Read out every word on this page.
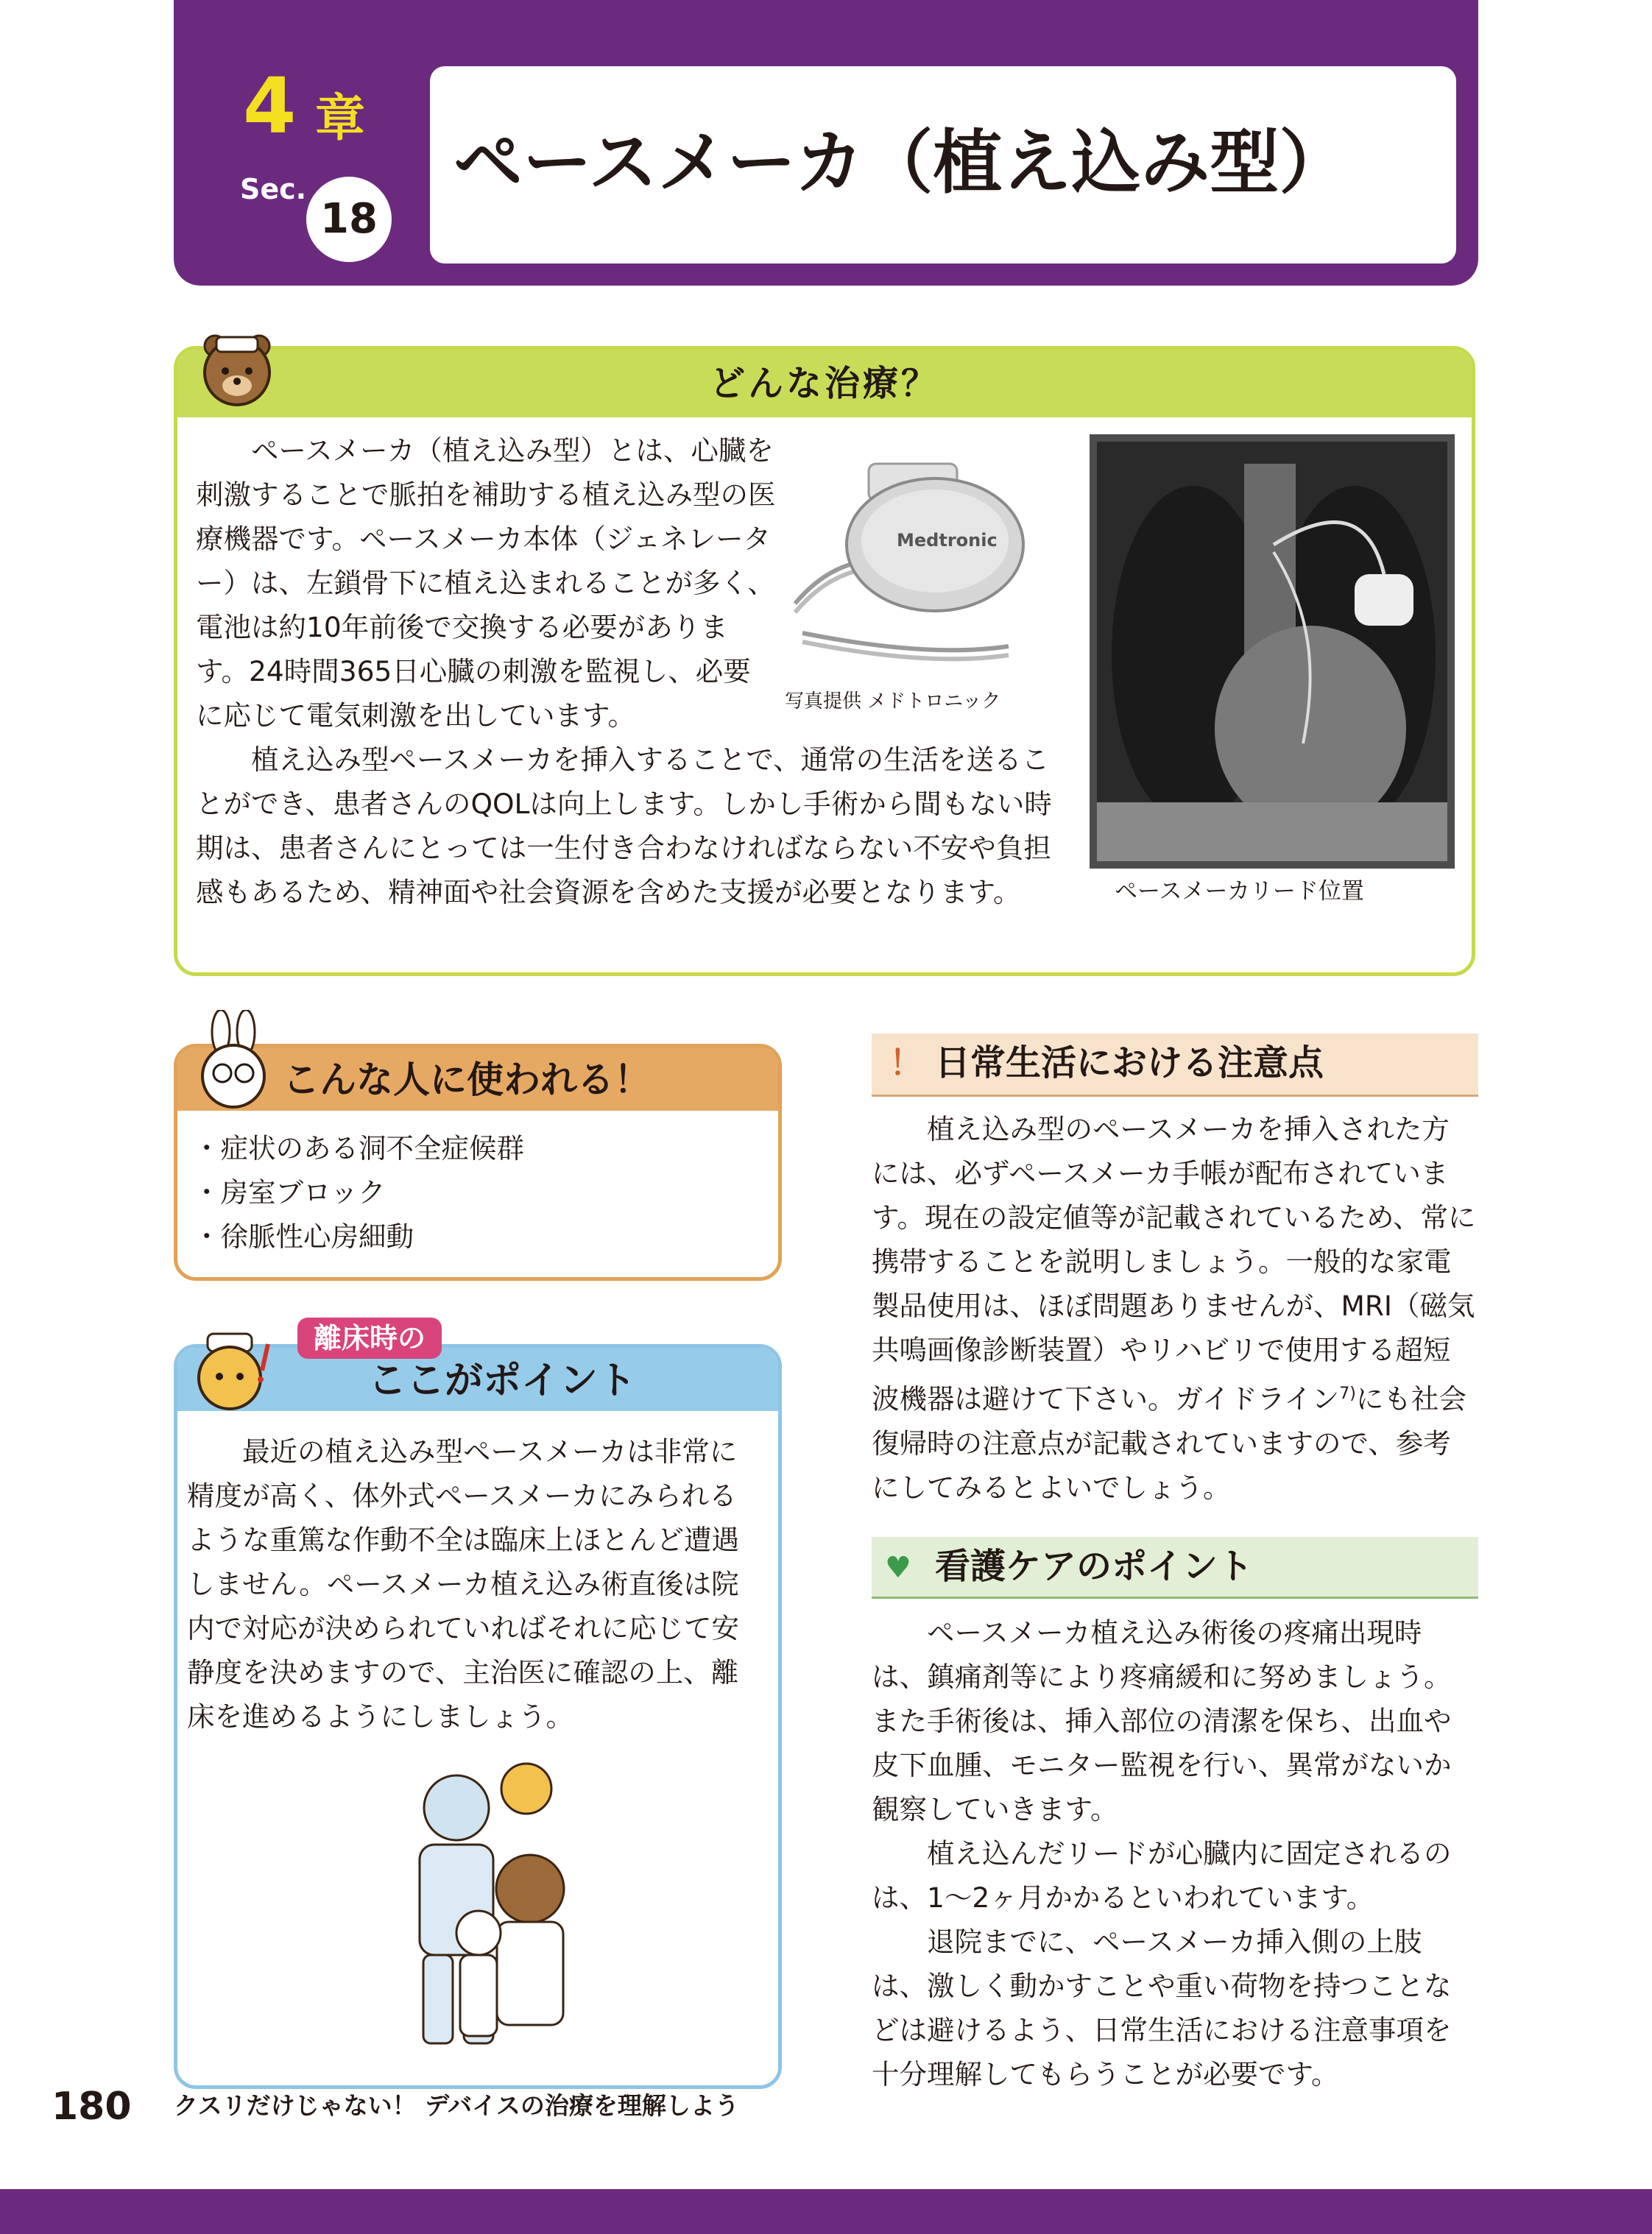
4 章
Sec.
18
ペースメーカ（植え込み型）
どんな治療？

ペースメーカ（植え込み型）とは、心臓を刺激することで脈拍を補助する植え込み型の医療機器です。ペースメーカ本体（ジェネレーター）は、左鎖骨下に植え込まれることが多く、電池は約10年前後で交換する必要があります。24時間365日心臓の刺激を監視し、必要に応じて電気刺激を出しています。

植え込み型ペースメーカを挿入することで、通常の生活を送ることができ、患者さんのQOLは向上します。しかし手術から間もない時期は、患者さんにとっては一生付き合わなければならない不安や負担感もあるため、精神面や社会資源を含めた支援が必要となります。

Medtronic
写真提供 メドトロニック
ペースメーカリード位置
こんな人に使われる！
・症状のある洞不全症候群
・房室ブロック
・徐脈性心房細動
離床時の
ここがポイント

最近の植え込み型ペースメーカは非常に精度が高く、体外式ペースメーカにみられるような重篤な作動不全は臨床上ほとんど遭遇しません。ペースメーカ植え込み術直後は院内で対応が決められていればそれに応じて安静度を決めますので、主治医に確認の上、離床を進めるようにしましょう。

！ 日常生活における注意点

植え込み型のペースメーカを挿入された方には、必ずペースメーカ手帳が配布されています。現在の設定値等が記載されているため、常に携帯することを説明しましょう。一般的な家電製品使用は、ほぼ問題ありませんが、MRI（磁気共鳴画像診断装置）やリハビリで使用する超短波機器は避けて下さい。ガイドライン$^{7)}$にも社会復帰時の注意点が記載されていますので、参考にしてみるとよいでしょう。

♥ 看護ケアのポイント

ペースメーカ植え込み術後の疼痛出現時は、鎮痛剤等により疼痛緩和に努めましょう。また手術後は、挿入部位の清潔を保ち、出血や皮下血腫、モニター監視を行い、異常がないか観察していきます。

植え込んだリードが心臓内に固定されるのは、1～2ヶ月かかるといわれています。

退院までに、ペースメーカ挿入側の上肢は、激しく動かすことや重い荷物を持つことなどは避けるよう、日常生活における注意事項を十分理解してもらうことが必要です。

180 クスリだけじゃない！ デバイスの治療を理解しよう
